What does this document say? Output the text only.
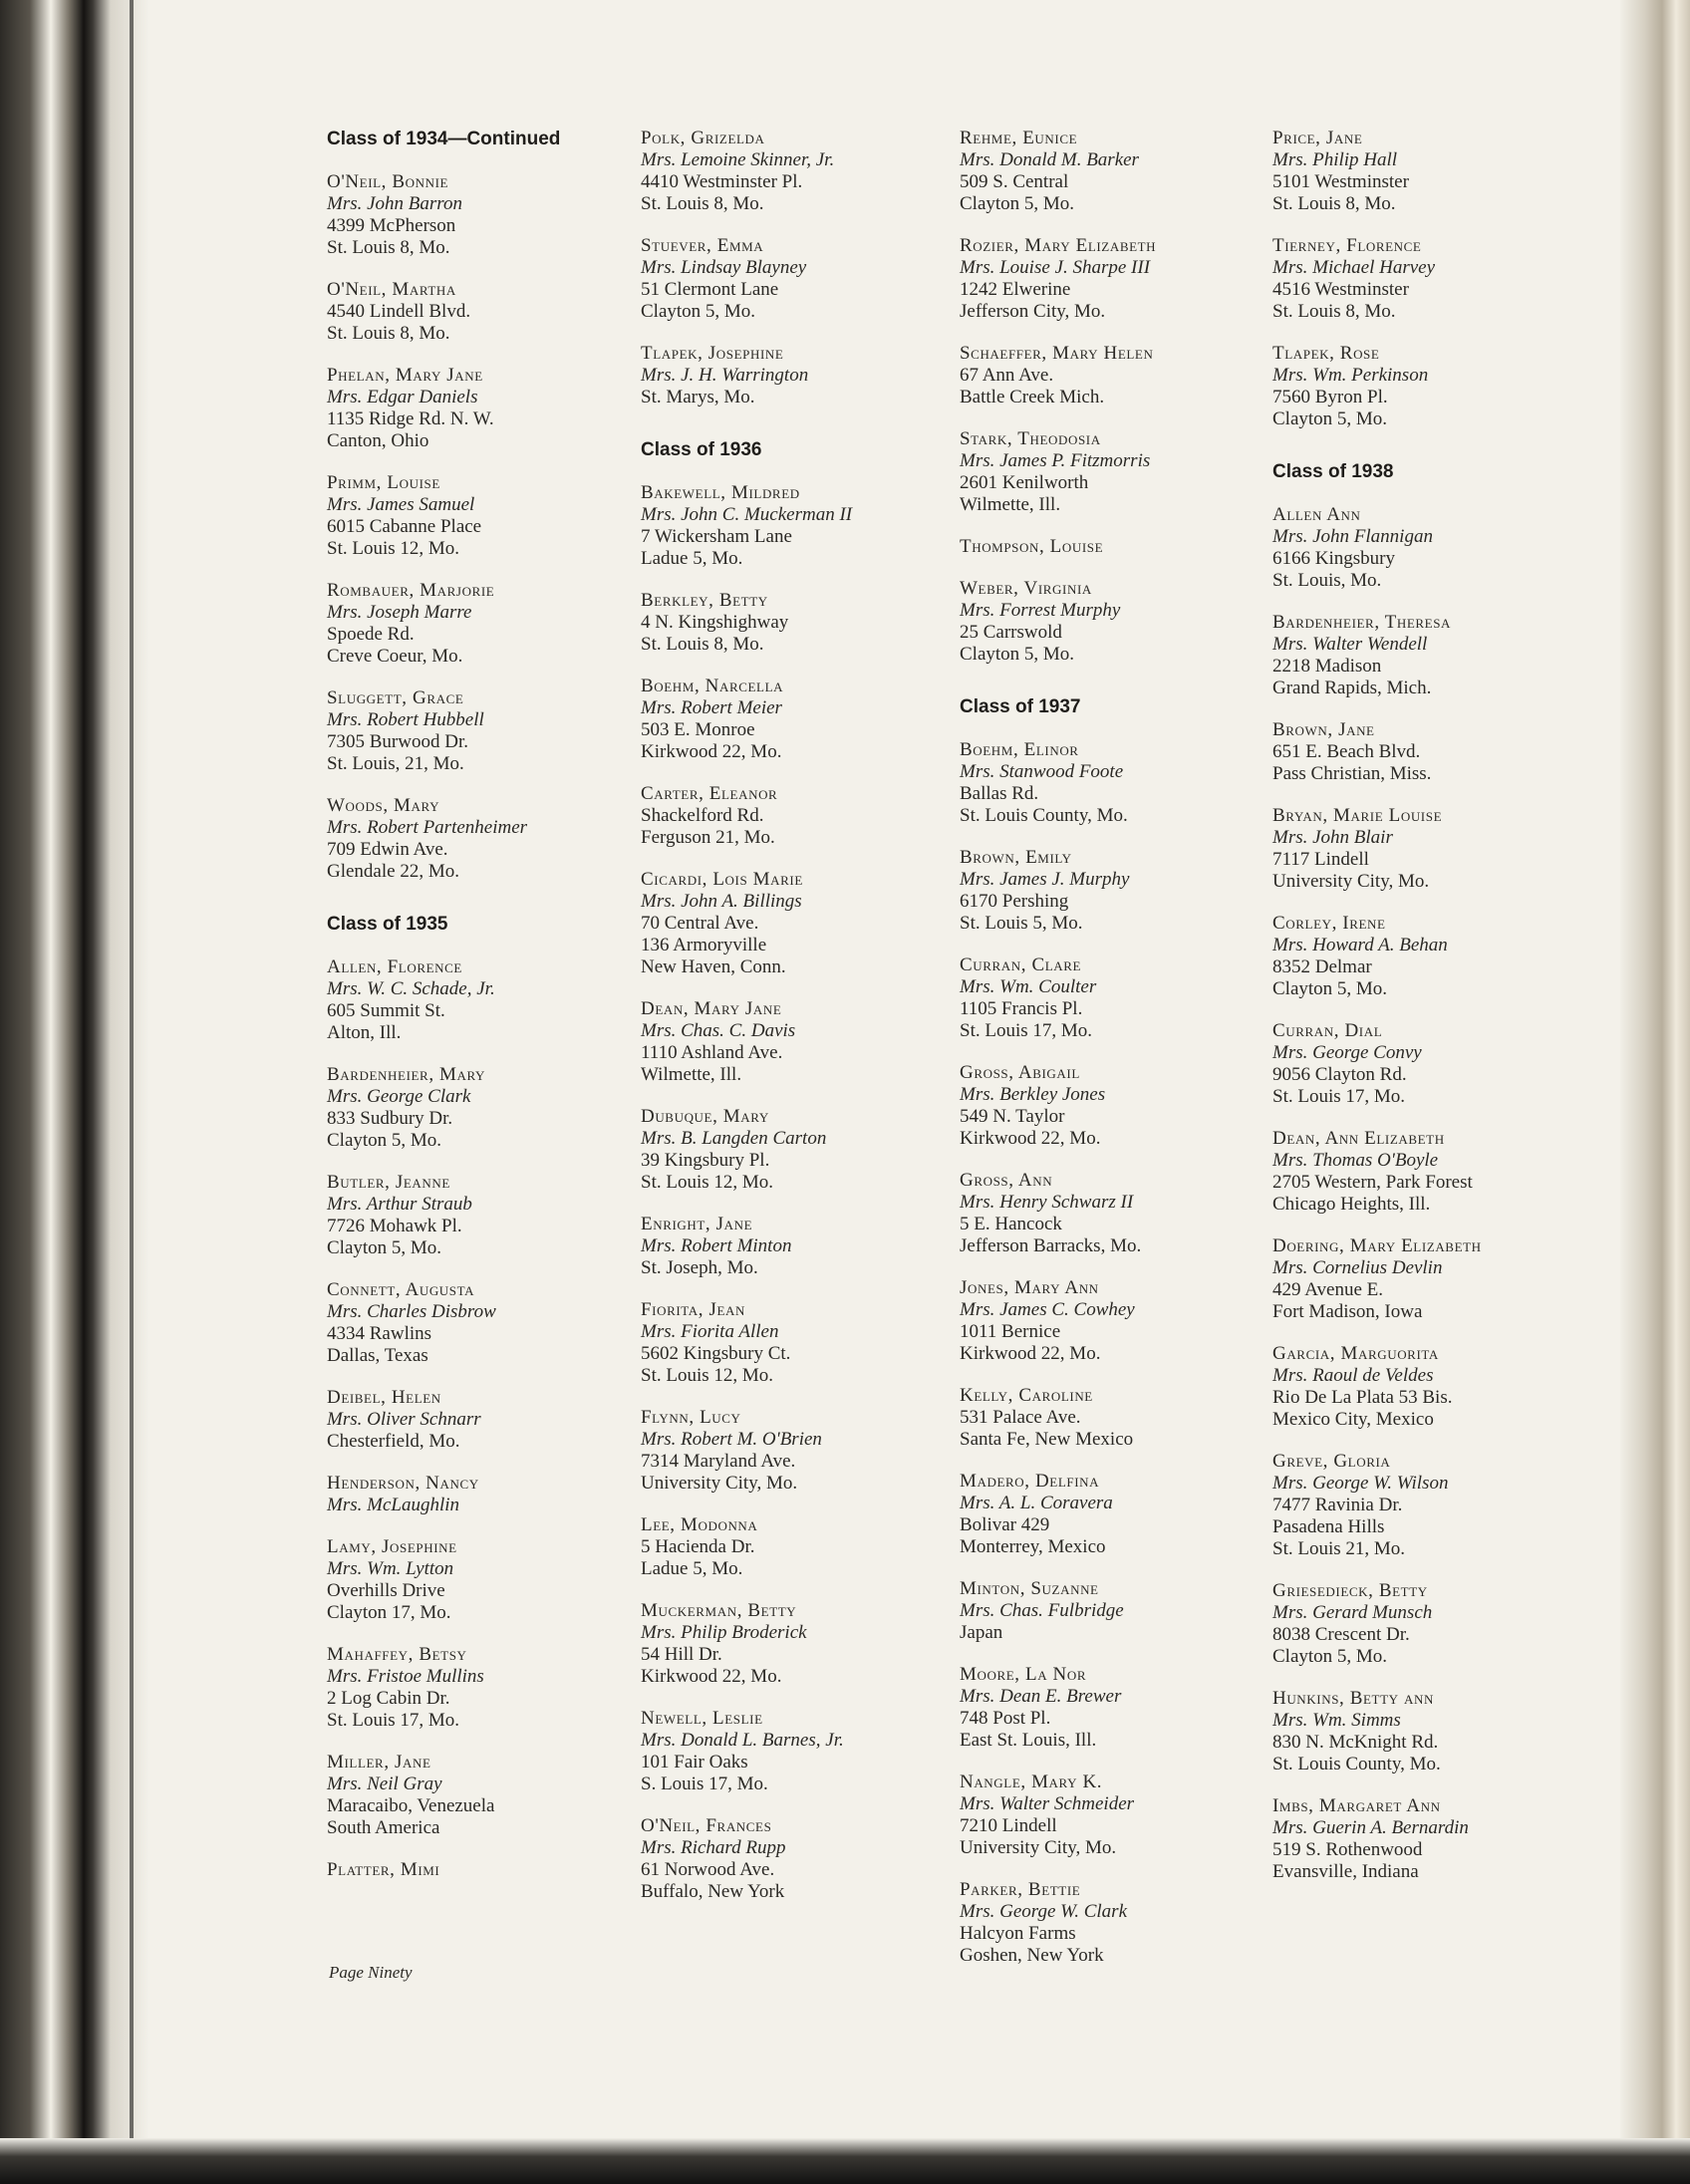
Class of 1934—Continued
O'Neil, Bonnie
Mrs. John Barron
4399 McPherson
St. Louis 8, Mo.
O'Neil, Martha
4540 Lindell Blvd.
St. Louis 8, Mo.
Phelan, Mary Jane
Mrs. Edgar Daniels
1135 Ridge Rd. N. W.
Canton, Ohio
Primm, Louise
Mrs. James Samuel
6015 Cabanne Place
St. Louis 12, Mo.
Rombauer, Marjorie
Mrs. Joseph Marre
Spoede Rd.
Creve Coeur, Mo.
Sluggett, Grace
Mrs. Robert Hubbell
7305 Burwood Dr.
St. Louis, 21, Mo.
Woods, Mary
Mrs. Robert Partenheimer
709 Edwin Ave.
Glendale 22, Mo.
Class of 1935
Allen, Florence
Mrs. W. C. Schade, Jr.
605 Summit St.
Alton, Ill.
Bardenheier, Mary
Mrs. George Clark
833 Sudbury Dr.
Clayton 5, Mo.
Butler, Jeanne
Mrs. Arthur Straub
7726 Mohawk Pl.
Clayton 5, Mo.
Connett, Augusta
Mrs. Charles Disbrow
4334 Rawlins
Dallas, Texas
Deibel, Helen
Mrs. Oliver Schnarr
Chesterfield, Mo.
Henderson, Nancy
Mrs. McLaughlin
Lamy, Josephine
Mrs. Wm. Lytton
Overhills Drive
Clayton 17, Mo.
Mahaffey, Betsy
Mrs. Fristoe Mullins
2 Log Cabin Dr.
St. Louis 17, Mo.
Miller, Jane
Mrs. Neil Gray
Maracaibo, Venezuela
South America
Platter, Mimi
Polk, Grizelda
Mrs. Lemoine Skinner, Jr.
4410 Westminster Pl.
St. Louis 8, Mo.
Stuever, Emma
Mrs. Lindsay Blayney
51 Clermont Lane
Clayton 5, Mo.
Tlapek, Josephine
Mrs. J. H. Warrington
St. Marys, Mo.
Class of 1936
Bakewell, Mildred
Mrs. John C. Muckerman II
7 Wickersham Lane
Ladue 5, Mo.
Berkley, Betty
4 N. Kingshighway
St. Louis 8, Mo.
Boehm, Narcella
Mrs. Robert Meier
503 E. Monroe
Kirkwood 22, Mo.
Carter, Eleanor
Shackelford Rd.
Ferguson 21, Mo.
Cicardi, Lois Marie
Mrs. John A. Billings
70 Central Ave.
136 Armoryville
New Haven, Conn.
Dean, Mary Jane
Mrs. Chas. C. Davis
1110 Ashland Ave.
Wilmette, Ill.
Dubuque, Mary
Mrs. B. Langden Carton
39 Kingsbury Pl.
St. Louis 12, Mo.
Enright, Jane
Mrs. Robert Minton
St. Joseph, Mo.
Fiorita, Jean
Mrs. Fiorita Allen
5602 Kingsbury Ct.
St. Louis 12, Mo.
Flynn, Lucy
Mrs. Robert M. O'Brien
7314 Maryland Ave.
University City, Mo.
Lee, Modonna
5 Hacienda Dr.
Ladue 5, Mo.
Muckerman, Betty
Mrs. Philip Broderick
54 Hill Dr.
Kirkwood 22, Mo.
Newell, Leslie
Mrs. Donald L. Barnes, Jr.
101 Fair Oaks
S. Louis 17, Mo.
O'Neil, Frances
Mrs. Richard Rupp
61 Norwood Ave.
Buffalo, New York
Rehme, Eunice
Mrs. Donald M. Barker
509 S. Central
Clayton 5, Mo.
Rozier, Mary Elizabeth
Mrs. Louise J. Sharpe III
1242 Elwerine
Jefferson City, Mo.
Schaeffer, Mary Helen
67 Ann Ave.
Battle Creek Mich.
Stark, Theodosia
Mrs. James P. Fitzmorris
2601 Kenilworth
Wilmette, Ill.
Thompson, Louise
Weber, Virginia
Mrs. Forrest Murphy
25 Carrswold
Clayton 5, Mo.
Class of 1937
Boehm, Elinor
Mrs. Stanwood Foote
Ballas Rd.
St. Louis County, Mo.
Brown, Emily
Mrs. James J. Murphy
6170 Pershing
St. Louis 5, Mo.
Curran, Clare
Mrs. Wm. Coulter
1105 Francis Pl.
St. Louis 17, Mo.
Gross, Abigail
Mrs. Berkley Jones
549 N. Taylor
Kirkwood 22, Mo.
Gross, Ann
Mrs. Henry Schwarz II
5 E. Hancock
Jefferson Barracks, Mo.
Jones, Mary Ann
Mrs. James C. Cowhey
1011 Bernice
Kirkwood 22, Mo.
Kelly, Caroline
531 Palace Ave.
Santa Fe, New Mexico
Madero, Delfina
Mrs. A. L. Coravera
Bolivar 429
Monterrey, Mexico
Minton, Suzanne
Mrs. Chas. Fulbridge
Japan
Moore, La Nor
Mrs. Dean E. Brewer
748 Post Pl.
East St. Louis, Ill.
Nangle, Mary K.
Mrs. Walter Schmeider
7210 Lindell
University City, Mo.
Parker, Bettie
Mrs. George W. Clark
Halcyon Farms
Goshen, New York
Price, Jane
Mrs. Philip Hall
5101 Westminster
St. Louis 8, Mo.
Tierney, Florence
Mrs. Michael Harvey
4516 Westminster
St. Louis 8, Mo.
Tlapek, Rose
Mrs. Wm. Perkinson
7560 Byron Pl.
Clayton 5, Mo.
Class of 1938
Allen Ann
Mrs. John Flannigan
6166 Kingsbury
St. Louis, Mo.
Bardenheier, Theresa
Mrs. Walter Wendell
2218 Madison
Grand Rapids, Mich.
Brown, Jane
651 E. Beach Blvd.
Pass Christian, Miss.
Bryan, Marie Louise
Mrs. John Blair
7117 Lindell
University City, Mo.
Corley, Irene
Mrs. Howard A. Behan
8352 Delmar
Clayton 5, Mo.
Curran, Dial
Mrs. George Convy
9056 Clayton Rd.
St. Louis 17, Mo.
Dean, Ann Elizabeth
Mrs. Thomas O'Boyle
2705 Western, Park Forest
Chicago Heights, Ill.
Doering, Mary Elizabeth
Mrs. Cornelius Devlin
429 Avenue E.
Fort Madison, Iowa
Garcia, Marguorita
Mrs. Raoul de Veldes
Rio De La Plata 53 Bis.
Mexico City, Mexico
Greve, Gloria
Mrs. George W. Wilson
7477 Ravinia Dr.
Pasadena Hills
St. Louis 21, Mo.
Griesedieck, Betty
Mrs. Gerard Munsch
8038 Crescent Dr.
Clayton 5, Mo.
Hunkins, Betty ann
Mrs. Wm. Simms
830 N. McKnight Rd.
St. Louis County, Mo.
Imbs, Margaret Ann
Mrs. Guerin A. Bernardin
519 S. Rothenwood
Evansville, Indiana
Page Ninety
